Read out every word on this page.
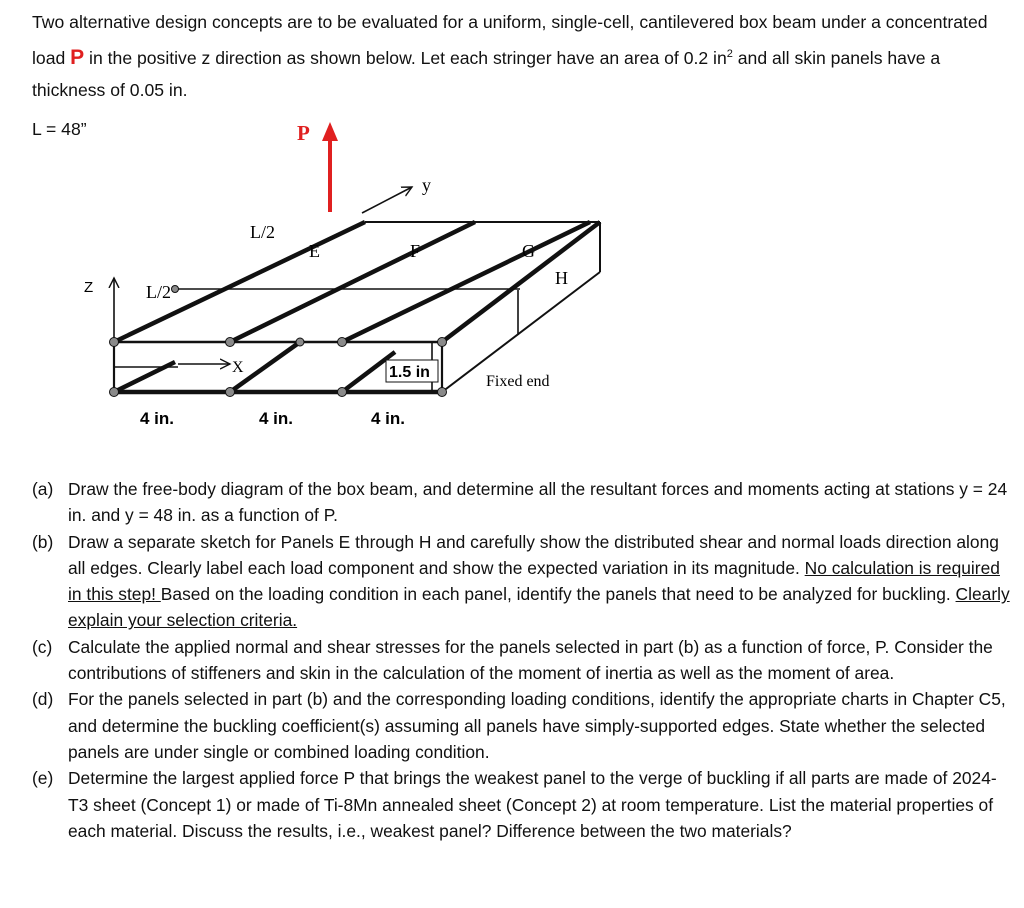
Two alternative design concepts are to be evaluated for a uniform, single-cell, cantilevered box beam under a concentrated load P in the positive z direction as shown below. Let each stringer have an area of 0.2 $in^2$ and all skin panels have a thickness of 0.05 in.

L = 48”	P
y
Z
X
L/2
L/2
E	F	G
H
1.5 in
Fixed end
4 in.	4 in.	4 in.
(a) Draw the free-body diagram of the box beam, and determine all the resultant forces and moments acting at stations y = 24 in. and y = 48 in. as a function of P.
(b) Draw a separate sketch for Panels E through H and carefully show the distributed shear and normal loads direction along all edges. Clearly label each load component and show the expected variation in its magnitude. No calculation is required in this step! Based on the loading condition in each panel, identify the panels that need to be analyzed for buckling. Clearly explain your selection criteria.
(c) Calculate the applied normal and shear stresses for the panels selected in part (b) as a function of force, P. Consider the contributions of stiffeners and skin in the calculation of the moment of inertia as well as the moment of area.
(d) For the panels selected in part (b) and the corresponding loading conditions, identify the appropriate charts in Chapter C5, and determine the buckling coefficient(s) assuming all panels have simply-supported edges. State whether the selected panels are under single or combined loading condition.
(e) Determine the largest applied force P that brings the weakest panel to the verge of buckling if all parts are made of 2024-T3 sheet (Concept 1) or made of Ti-8Mn annealed sheet (Concept 2) at room temperature. List the material properties of each material. Discuss the results, i.e., weakest panel? Difference between the two materials?
